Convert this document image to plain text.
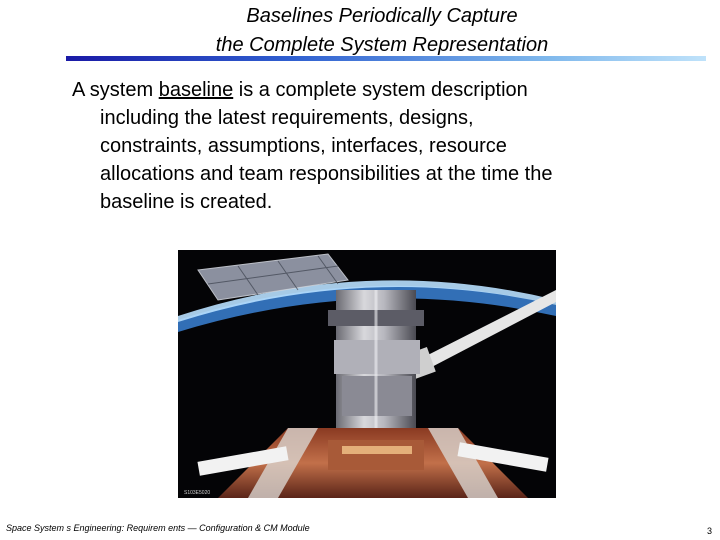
Baselines Periodically Capture
the Complete System Representation
A system baseline is a complete system description
including the latest requirements, designs,
constraints, assumptions, interfaces, resource
allocations and team responsibilities at the time the
baseline is created.
S103E5020
Space System s Engineering: Requirem ents — Configuration & CM Module	3
